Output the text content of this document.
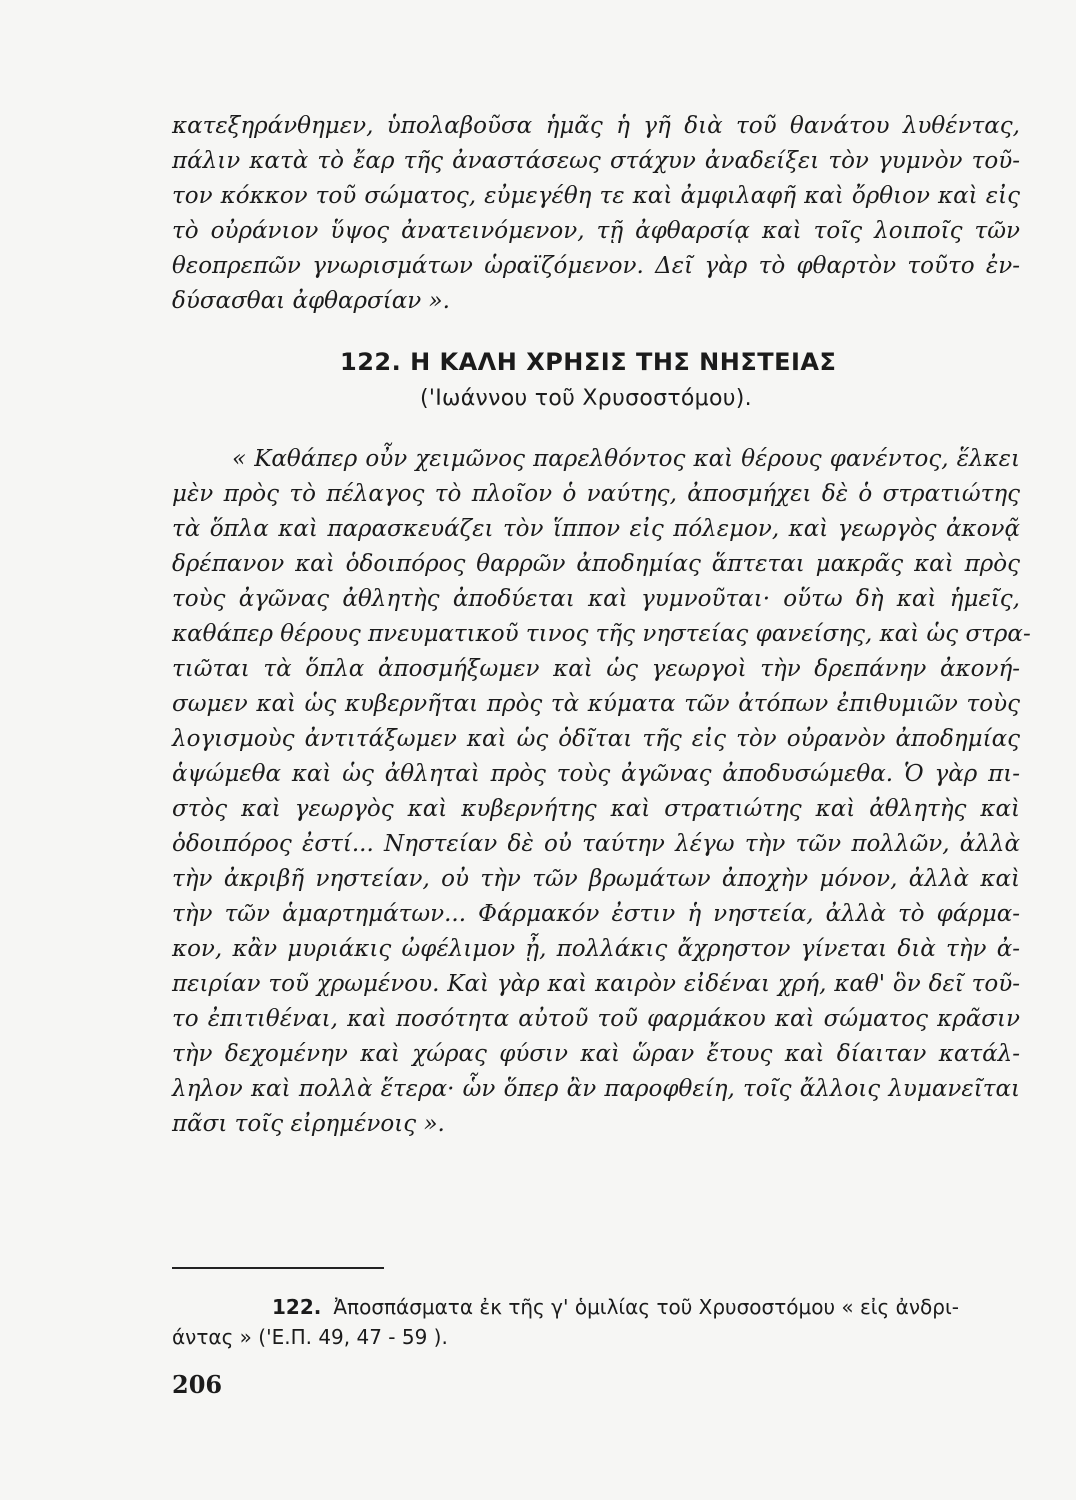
κατεξηράνθημεν, ὑπολαβοῦσα ἡμᾶς ἡ γῆ διὰ τοῦ θανάτου λυθέντας,
πάλιν κατὰ τὸ ἔαρ τῆς ἀναστάσεως στάχυν ἀναδείξει τὸν γυμνὸν τοῦ-
τον κόκκον τοῦ σώματος, εὐμεγέθη τε καὶ ἀμφιλαφῆ καὶ ὄρθιον καὶ εἰς
τὸ οὐράνιον ὕψος ἀνατεινόμενον, τῇ ἀφθαρσίᾳ καὶ τοῖς λοιποῖς τῶν
θεοπρεπῶν γνωρισμάτων ὡραϊζόμενον. Δεῖ γὰρ τὸ φθαρτὸν τοῦτο ἐν-
δύσασθαι ἀφθαρσίαν ».
122. Η ΚΑΛΗ ΧΡΗΣΙΣ ΤΗΣ ΝΗΣΤΕΙΑΣ
('Ιωάννου τοῦ Χρυσοστόμου).
« Καθάπερ οὖν χειμῶνος παρελθόντος καὶ θέρους φανέντος, ἕλκει
μὲν πρὸς τὸ πέλαγος τὸ πλοῖον ὁ ναύτης, ἀποσμήχει δὲ ὁ στρατιώτης
τὰ ὅπλα καὶ παρασκευάζει τὸν ἵππον εἰς πόλεμον, καὶ γεωργὸς ἀκονᾷ
δρέπανον καὶ ὁδοιπόρος θαρρῶν ἀποδημίας ἅπτεται μακρᾶς καὶ πρὸς
τοὺς ἀγῶνας ἀθλητὴς ἀποδύεται καὶ γυμνοῦται· οὕτω δὴ καὶ ἡμεῖς,
καθάπερ θέρους πνευματικοῦ τινος τῆς νηστείας φανείσης, καὶ ὡς στρα-
τιῶται τὰ ὅπλα ἀποσμήξωμεν καὶ ὡς γεωργοὶ τὴν δρεπάνην ἀκονή-
σωμεν καὶ ὡς κυβερνῆται πρὸς τὰ κύματα τῶν ἀτόπων ἐπιθυμιῶν τοὺς
λογισμοὺς ἀντιτάξωμεν καὶ ὡς ὁδῖται τῆς εἰς τὸν οὐρανὸν ἀποδημίας
ἁψώμεθα καὶ ὡς ἀθληταὶ πρὸς τοὺς ἀγῶνας ἀποδυσώμεθα. Ὁ γὰρ πι-
στὸς καὶ γεωργὸς καὶ κυβερνήτης καὶ στρατιώτης καὶ ἀθλητὴς καὶ
ὁδοιπόρος ἐστί... Νηστείαν δὲ οὐ ταύτην λέγω τὴν τῶν πολλῶν, ἀλλὰ
τὴν ἀκριβῆ νηστείαν, οὐ τὴν τῶν βρωμάτων ἀποχὴν μόνον, ἀλλὰ καὶ
τὴν τῶν ἁμαρτημάτων... Φάρμακόν ἐστιν ἡ νηστεία, ἀλλὰ τὸ φάρμα-
κον, κἂν μυριάκις ὠφέλιμον ᾖ, πολλάκις ἄχρηστον γίνεται διὰ τὴν ἀ-
πειρίαν τοῦ χρωμένου. Καὶ γὰρ καὶ καιρὸν εἰδέναι χρή, καθ' ὃν δεῖ τοῦ-
το ἐπιτιθέναι, καὶ ποσότητα αὐτοῦ τοῦ φαρμάκου καὶ σώματος κρᾶσιν
τὴν δεχομένην καὶ χώρας φύσιν καὶ ὥραν ἔτους καὶ δίαιταν κατάλ-
ληλον καὶ πολλὰ ἕτερα· ὧν ὅπερ ἂν παροφθείη, τοῖς ἄλλοις λυμανεῖται
πᾶσι τοῖς εἰρημένοις ».
122. Ἀποσπάσματα ἐκ τῆς γ' ὁμιλίας τοῦ Χρυσοστόμου « εἰς ἀνδρι-
άντας » ('Ε.Π. 49, 47 - 59 ).
206
